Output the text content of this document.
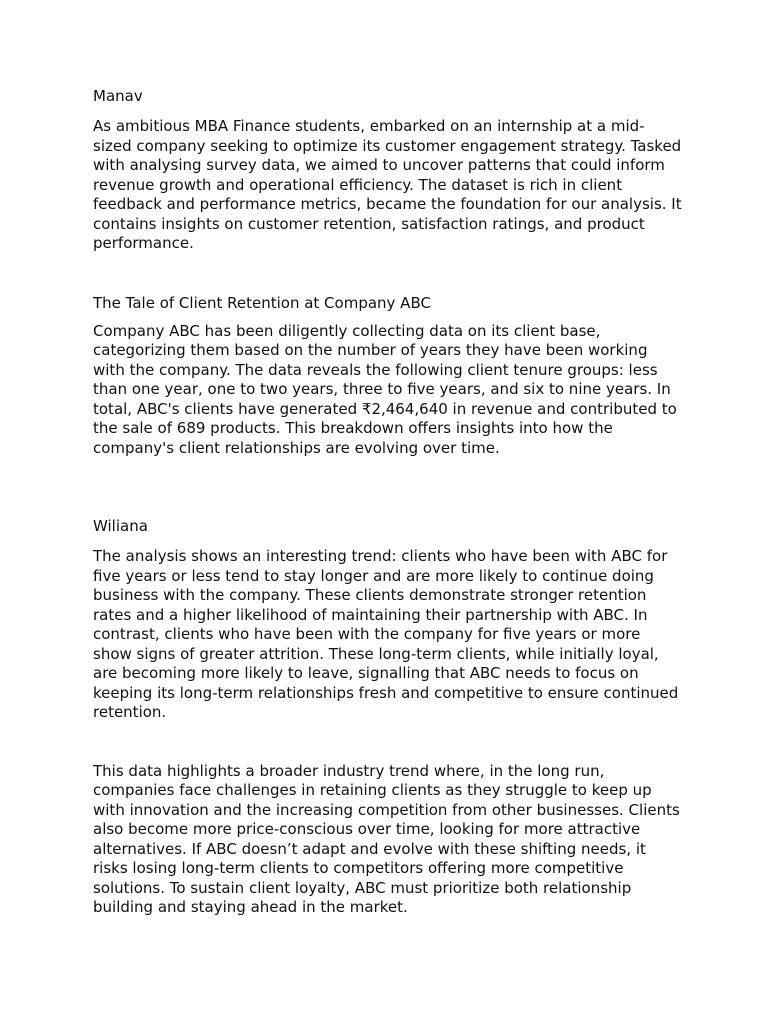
Manav

As ambitious MBA Finance students, embarked on an internship at a mid-sized company seeking to optimize its customer engagement strategy. Tasked with analysing survey data, we aimed to uncover patterns that could inform revenue growth and operational efficiency. The dataset is rich in client feedback and performance metrics, became the foundation for our analysis. It contains insights on customer retention, satisfaction ratings, and product performance.

The Tale of Client Retention at Company ABC

Company ABC has been diligently collecting data on its client base, categorizing them based on the number of years they have been working with the company. The data reveals the following client tenure groups: less than one year, one to two years, three to five years, and six to nine years. In total, ABC's clients have generated ₹2,464,640 in revenue and contributed to the sale of 689 products. This breakdown offers insights into how the company's client relationships are evolving over time.

Wiliana

The analysis shows an interesting trend: clients who have been with ABC for five years or less tend to stay longer and are more likely to continue doing business with the company. These clients demonstrate stronger retention rates and a higher likelihood of maintaining their partnership with ABC. In contrast, clients who have been with the company for five years or more show signs of greater attrition. These long-term clients, while initially loyal, are becoming more likely to leave, signalling that ABC needs to focus on keeping its long-term relationships fresh and competitive to ensure continued retention.

This data highlights a broader industry trend where, in the long run, companies face challenges in retaining clients as they struggle to keep up with innovation and the increasing competition from other businesses. Clients also become more price-conscious over time, looking for more attractive alternatives. If ABC doesn’t adapt and evolve with these shifting needs, it risks losing long-term clients to competitors offering more competitive solutions. To sustain client loyalty, ABC must prioritize both relationship building and staying ahead in the market.
